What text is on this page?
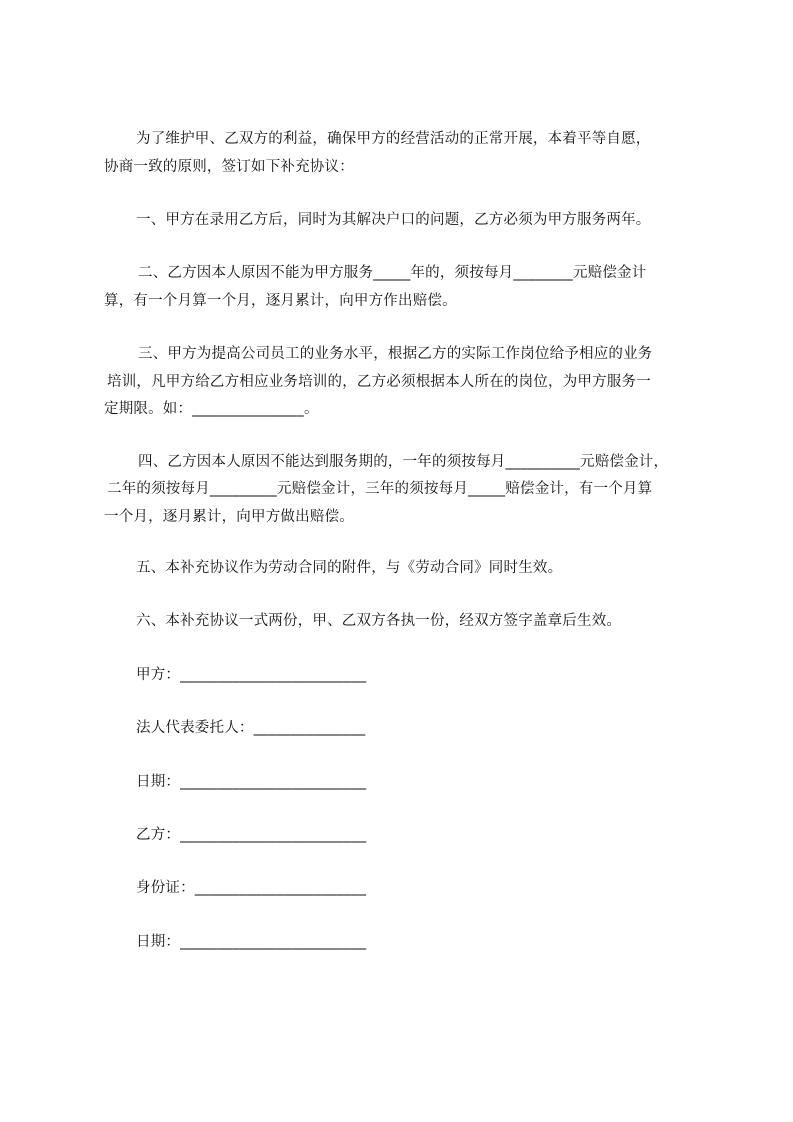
为了维护甲、乙双方的利益，确保甲方的经营活动的正常开展，本着平等自愿，
协商一致的原则，签订如下补充协议：
一、甲方在录用乙方后，同时为其解决户口的问题，乙方必须为甲方服务两年。
二、乙方因本人原因不能为甲方服务_____年的，须按每月________元赔偿金计
算，有一个月算一个月，逐月累计，向甲方作出赔偿。
三、甲方为提高公司员工的业务水平，根据乙方的实际工作岗位给予相应的业务
培训，凡甲方给乙方相应业务培训的，乙方必须根据本人所在的岗位，为甲方服务一
定期限。如：_______________。
四、乙方因本人原因不能达到服务期的，一年的须按每月__________元赔偿金计，
二年的须按每月_________元赔偿金计，三年的须按每月_____赔偿金计，有一个月算
一个月，逐月累计，向甲方做出赔偿。
五、本补充协议作为劳动合同的附件，与《劳动合同》同时生效。
六、本补充协议一式两份，甲、乙双方各执一份，经双方签字盖章后生效。
甲方：_________________________
法人代表委托人：_______________
日期：_________________________
乙方：_________________________
身份证：_______________________
日期：_________________________
